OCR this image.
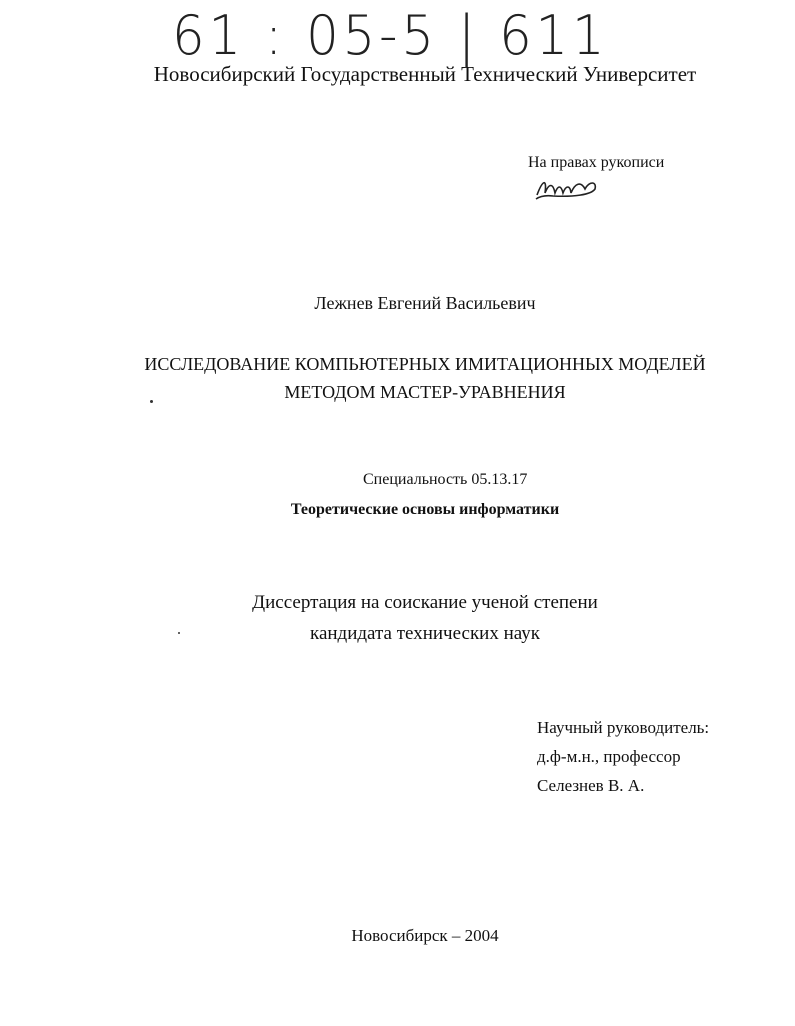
61 : 05-5 | 611
Новосибирский Государственный Технический Университет
На правах рукописи
Лежнев Евгений Васильевич
ИССЛЕДОВАНИЕ КОМПЬЮТЕРНЫХ ИМИТАЦИОННЫХ МОДЕЛЕЙ
МЕТОДОМ МАСТЕР-УРАВНЕНИЯ
Специальность 05.13.17
Теоретические основы информатики
Диссертация на соискание ученой степени
кандидата технических наук
Научный руководитель:
д.ф-м.н., профессор
Селезнев В. А.
Новосибирск – 2004
